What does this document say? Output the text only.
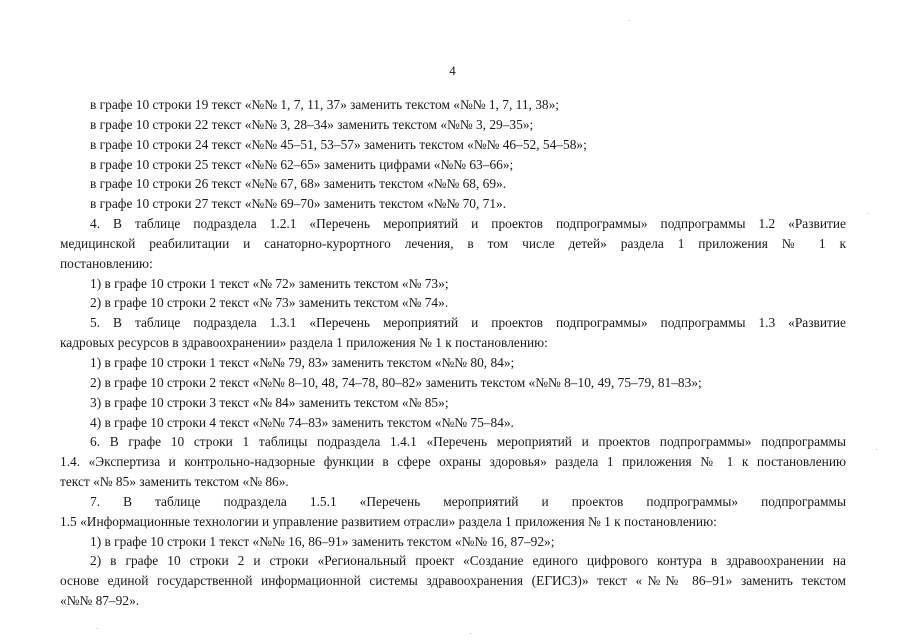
4
в графе 10 строки 19 текст «№№ 1, 7, 11, 37» заменить текстом «№№ 1, 7, 11, 38»;
в графе 10 строки 22 текст «№№ 3, 28–34» заменить текстом «№№ 3, 29–35»;
в графе 10 строки 24 текст «№№ 45–51, 53–57» заменить текстом «№№ 46–52, 54–58»;
в графе 10 строки 25 текст «№№ 62–65» заменить цифрами «№№ 63–66»;
в графе 10 строки 26 текст «№№ 67, 68» заменить текстом «№№ 68, 69».
в графе 10 строки 27 текст «№№ 69–70» заменить текстом «№№ 70, 71».
4. В таблице подраздела 1.2.1 «Перечень мероприятий и проектов подпрограммы» подпрограммы 1.2 «Развитие
медицинской реабилитации и санаторно-курортного лечения, в том числе детей» раздела 1 приложения № 1 к
постановлению:
1) в графе 10 строки 1 текст «№ 72» заменить текстом «№ 73»;
2) в графе 10 строки 2 текст «№ 73» заменить текстом «№ 74».
5. В таблице подраздела 1.3.1 «Перечень мероприятий и проектов подпрограммы» подпрограммы 1.3 «Развитие
кадровых ресурсов в здравоохранении» раздела 1 приложения № 1 к постановлению:
1) в графе 10 строки 1 текст «№№ 79, 83» заменить текстом «№№ 80, 84»;
2) в графе 10 строки 2 текст «№№ 8–10, 48, 74–78, 80–82» заменить текстом «№№ 8–10, 49, 75–79, 81–83»;
3) в графе 10 строки 3 текст «№ 84» заменить текстом «№ 85»;
4) в графе 10 строки 4 текст «№№ 74–83» заменить текстом «№№ 75–84».
6. В графе 10 строки 1 таблицы подраздела 1.4.1 «Перечень мероприятий и проектов подпрограммы» подпрограммы
1.4. «Экспертиза и контрольно-надзорные функции в сфере охраны здоровья» раздела 1 приложения № 1 к постановлению
текст «№ 85» заменить текстом «№ 86».
7. В таблице подраздела 1.5.1 «Перечень мероприятий и проектов подпрограммы» подпрограммы
1.5 «Информационные технологии и управление развитием отрасли» раздела 1 приложения № 1 к постановлению:
1) в графе 10 строки 1 текст «№№ 16, 86–91» заменить текстом «№№ 16, 87–92»;
2) в графе 10 строки 2 и строки «Региональный проект «Создание единого цифрового контура в здравоохранении на
основе единой государственной информационной системы здравоохранения (ЕГИСЗ)» текст «№№ 86–91» заменить текстом
«№№ 87–92».
